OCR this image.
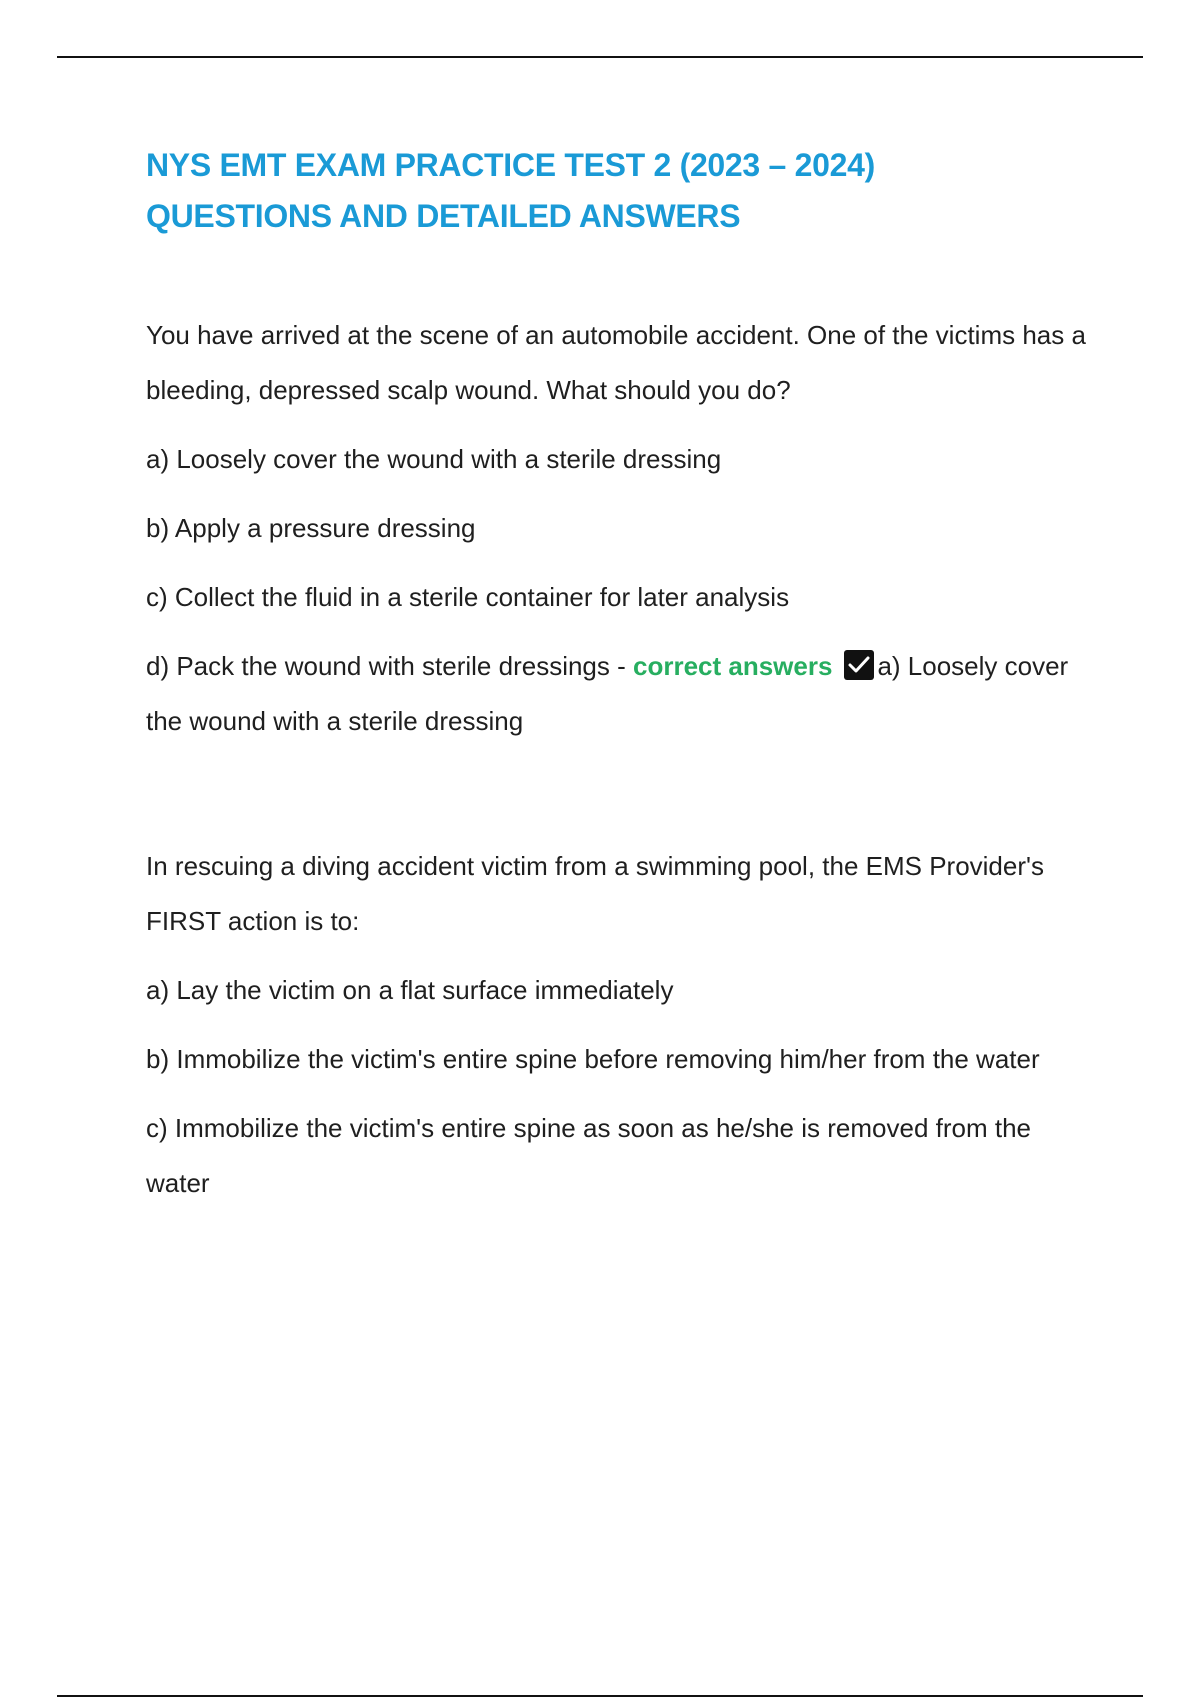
NYS EMT EXAM PRACTICE TEST 2 (2023 – 2024)
QUESTIONS AND DETAILED ANSWERS

You have arrived at the scene of an automobile accident. One of the victims has a bleeding, depressed scalp wound. What should you do?

a) Loosely cover the wound with a sterile dressing

b) Apply a pressure dressing

c) Collect the fluid in a sterile container for later analysis

d) Pack the wound with sterile dressings - correct answers a) Loosely cover the wound with a sterile dressing

In rescuing a diving accident victim from a swimming pool, the EMS Provider's FIRST action is to:

a) Lay the victim on a flat surface immediately

b) Immobilize the victim's entire spine before removing him/her from the water

c) Immobilize the victim's entire spine as soon as he/she is removed from the water
